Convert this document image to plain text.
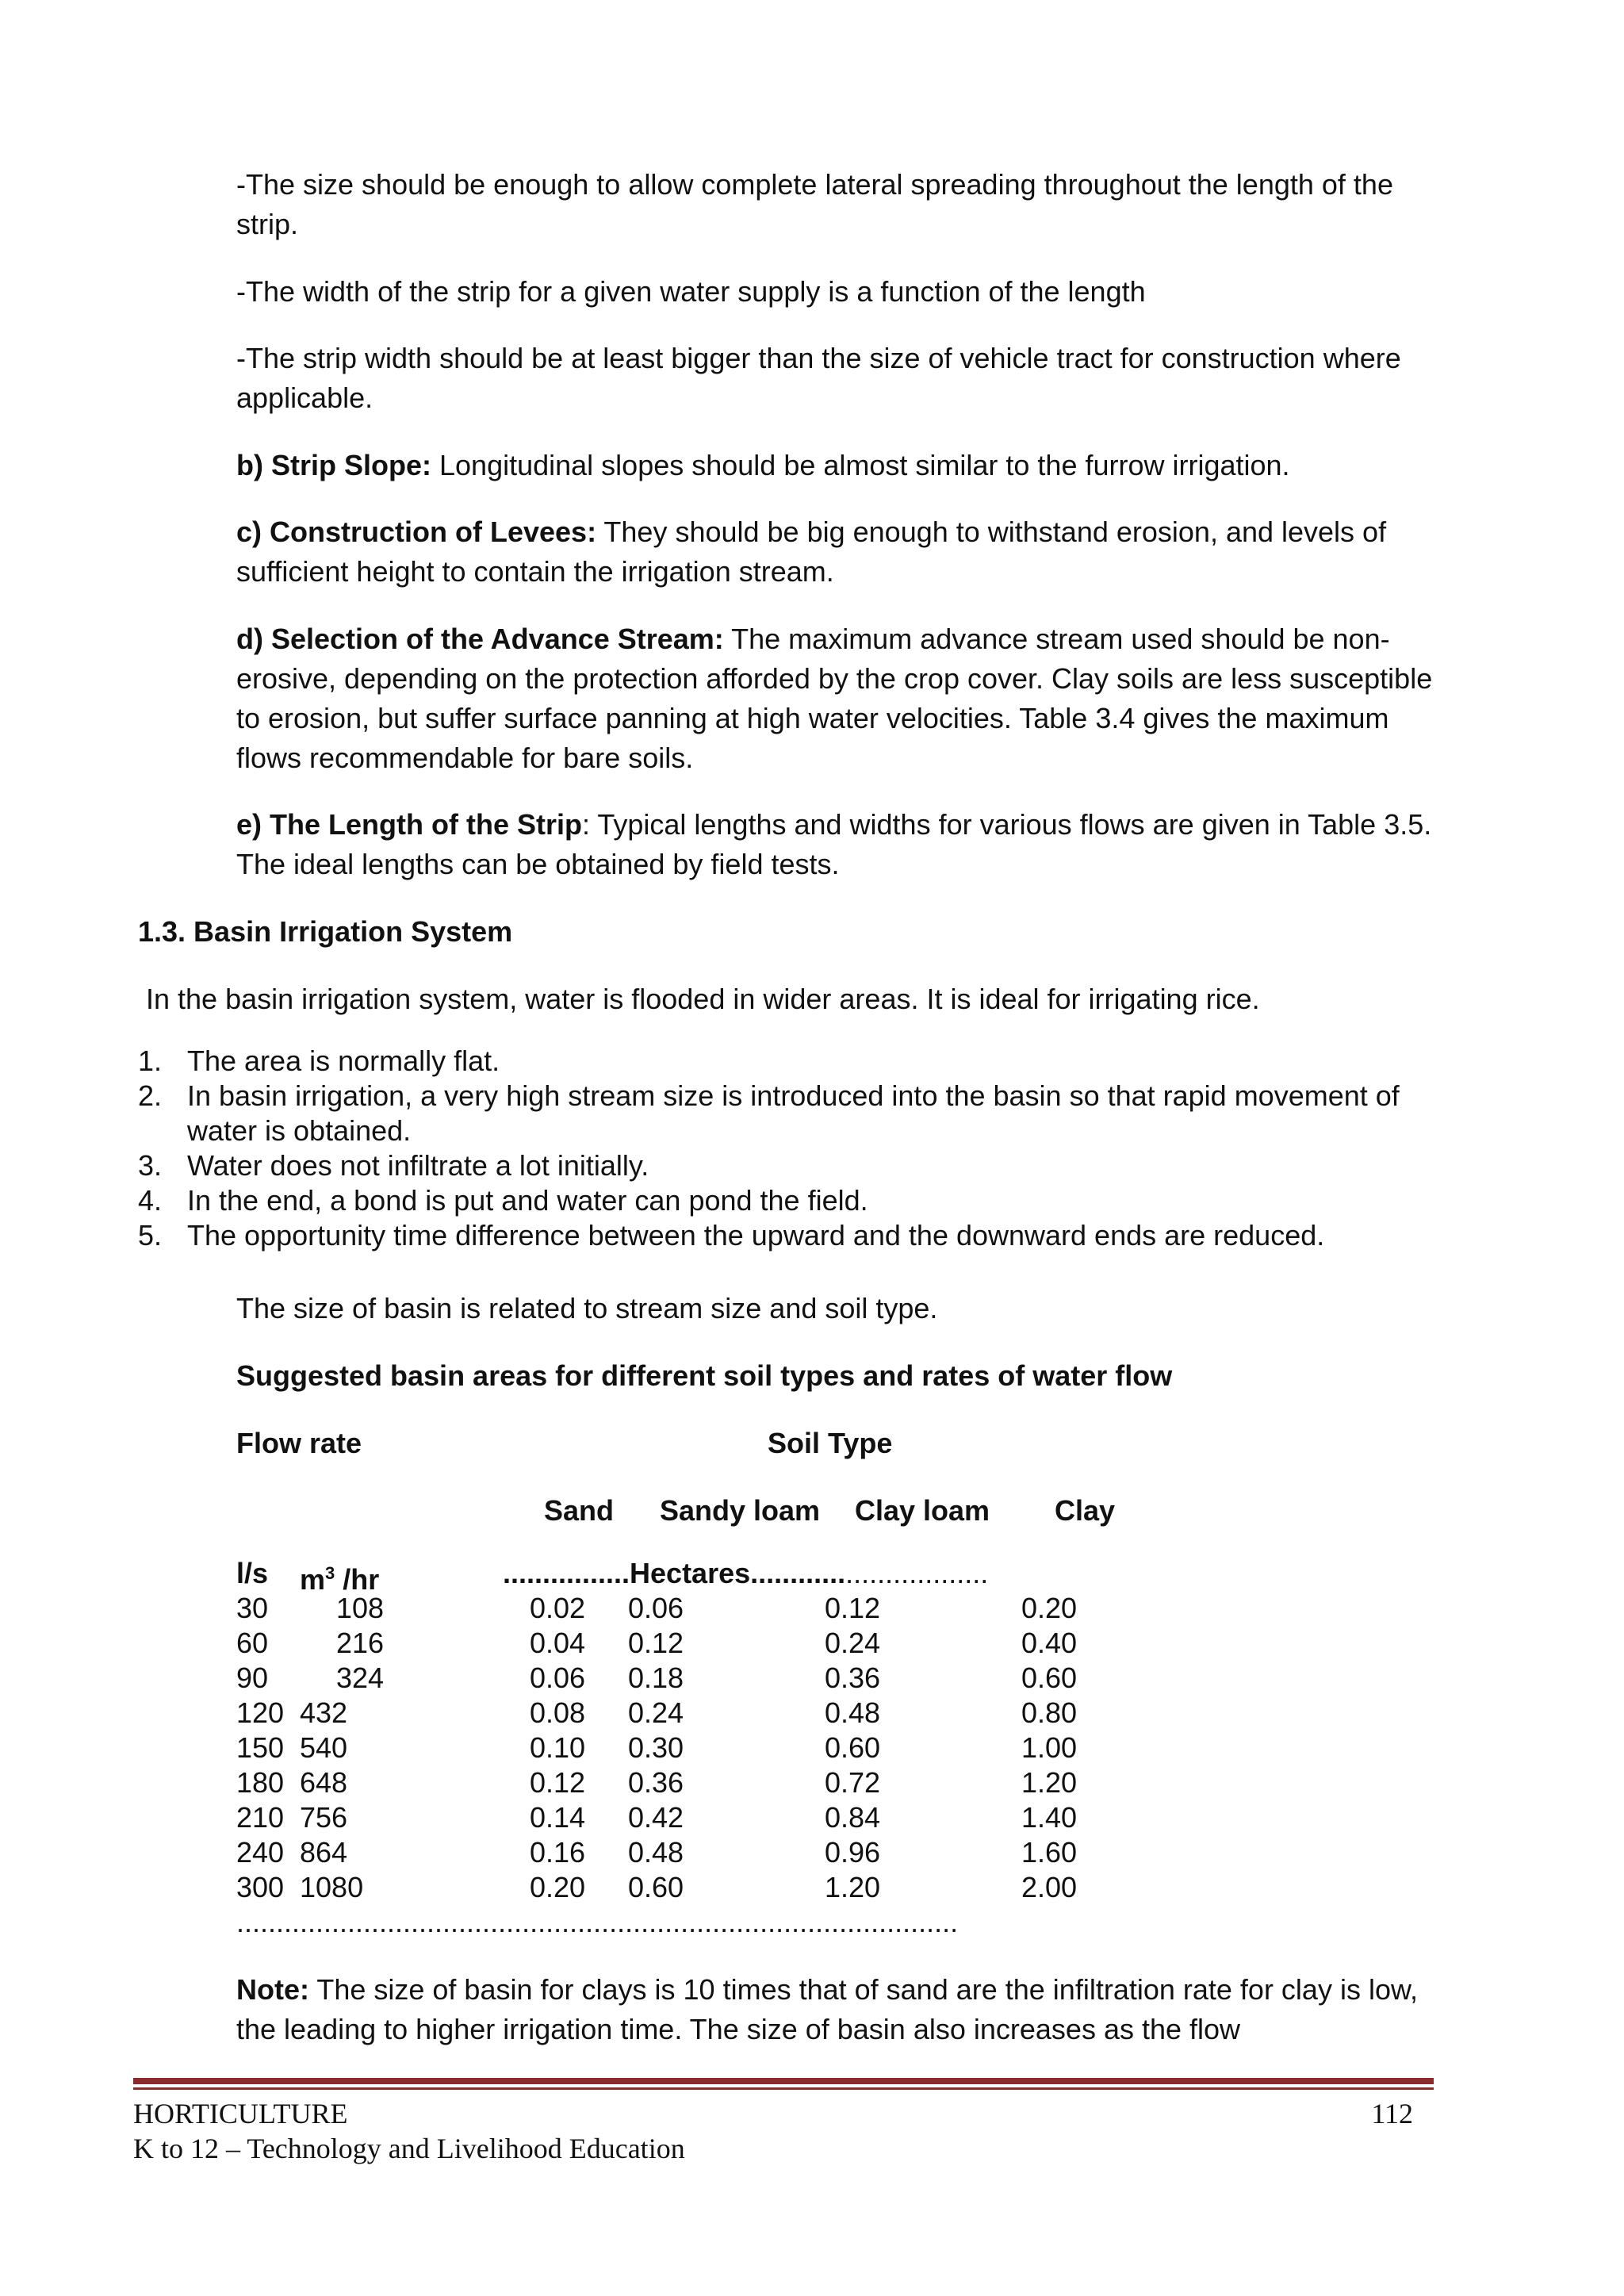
-The size should be enough to allow complete lateral spreading throughout the length of the strip.

-The width of the strip for a given water supply is a function of the length

-The strip width should be at least bigger than the size of vehicle tract for construction where applicable.

b) Strip Slope: Longitudinal slopes should be almost similar to the furrow irrigation.

c) Construction of Levees: They should be big enough to withstand erosion, and levels of sufficient height to contain the irrigation stream.

d) Selection of the Advance Stream: The maximum advance stream used should be non-erosive, depending on the protection afforded by the crop cover. Clay soils are less susceptible to erosion, but suffer surface panning at high water velocities. Table 3.4 gives the maximum flows recommendable for bare soils.

e) The Length of the Strip: Typical lengths and widths for various flows are given in Table 3.5. The ideal lengths can be obtained by field tests.

1.3. Basin Irrigation System

In the basin irrigation system, water is flooded in wider areas. It is ideal for irrigating rice.

1. The area is normally flat.
2. In basin irrigation, a very high stream size is introduced into the basin so that rapid movement of water is obtained.
3. Water does not infiltrate a lot initially.
4. In the end, a bond is put and water can pond the field.
5. The opportunity time difference between the upward and the downward ends are reduced.

The size of basin is related to stream size and soil type.

Suggested basin areas for different soil types and rates of water flow

Flow rate	Soil Type

Sand Sandy loam Clay loam Clay
l/s $m^3$ /hr	................Hectares..............................
30 108	0.02 0.06	0.12	0.20
60 216	0.04 0.12	0.24	0.40
90 324	0.06 0.18	0.36	0.60
120 432	0.08 0.24	0.48	0.80
150 540	0.10 0.30	0.60	1.00
180 648	0.12 0.36	0.72	1.20
210 756	0.14 0.42	0.84	1.40
240 864	0.16 0.48	0.96	1.60
300 1080	0.20 0.60	1.20	2.00
...........................................................................................

Note: The size of basin for clays is 10 times that of sand are the infiltration rate for clay is low, the leading to higher irrigation time. The size of basin also increases as the flow

HORTICULTURE	112
K to 12 – Technology and Livelihood Education
